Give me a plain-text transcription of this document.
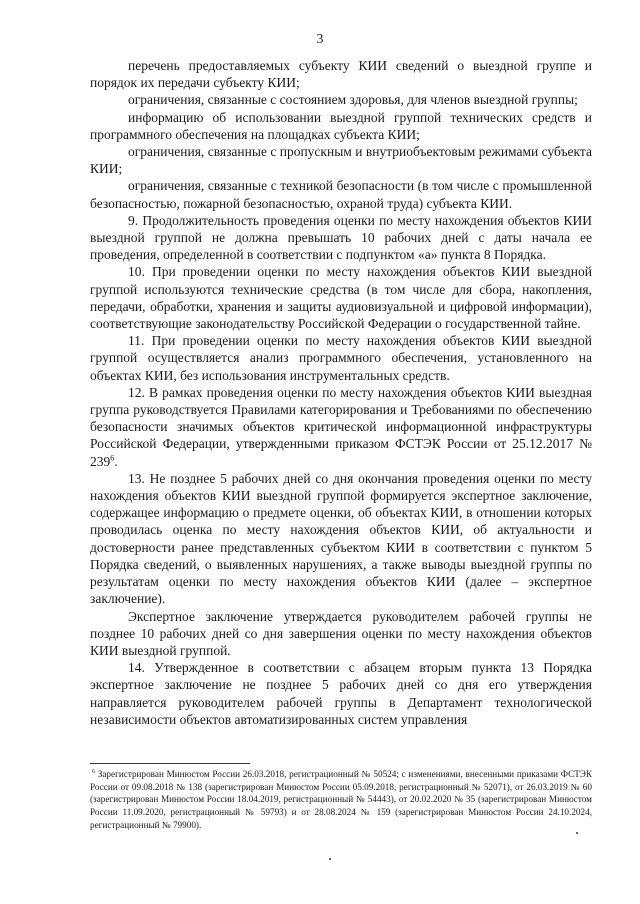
3

перечень предоставляемых субъекту КИИ сведений о выездной группе и порядок их передачи субъекту КИИ;

ограничения, связанные с состоянием здоровья, для членов выездной группы;

информацию об использовании выездной группой технических средств и программного обеспечения на площадках субъекта КИИ;

ограничения, связанные с пропускным и внутриобъектовым режимами субъекта КИИ;

ограничения, связанные с техникой безопасности (в том числе с промышленной безопасностью, пожарной безопасностью, охраной труда) субъекта КИИ.

9. Продолжительность проведения оценки по месту нахождения объектов КИИ выездной группой не должна превышать 10 рабочих дней с даты начала ее проведения, определенной в соответствии с подпунктом «а» пункта 8 Порядка.

10. При проведении оценки по месту нахождения объектов КИИ выездной группой используются технические средства (в том числе для сбора, накопления, передачи, обработки, хранения и защиты аудиовизуальной и цифровой информации), соответствующие законодательству Российской Федерации о государственной тайне.

11. При проведении оценки по месту нахождения объектов КИИ выездной группой осуществляется анализ программного обеспечения, установленного на объектах КИИ, без использования инструментальных средств.

12. В рамках проведения оценки по месту нахождения объектов КИИ выездная группа руководствуется Правилами категорирования и Требованиями по обеспечению безопасности значимых объектов критической информационной инфраструктуры Российской Федерации, утвержденными приказом ФСТЭК России от 25.12.2017 № $239^6$.

13. Не позднее 5 рабочих дней со дня окончания проведения оценки по месту нахождения объектов КИИ выездной группой формируется экспертное заключение, содержащее информацию о предмете оценки, об объектах КИИ, в отношении которых проводилась оценка по месту нахождения объектов КИИ, об актуальности и достоверности ранее представленных субъектом КИИ в соответствии с пунктом 5 Порядка сведений, о выявленных нарушениях, а также выводы выездной группы по результатам оценки по месту нахождения объектов КИИ (далее – экспертное заключение).

Экспертное заключение утверждается руководителем рабочей группы не позднее 10 рабочих дней со дня завершения оценки по месту нахождения объектов КИИ выездной группой.

14. Утвержденное в соответствии с абзацем вторым пункта 13 Порядка экспертное заключение не позднее 5 рабочих дней со дня его утверждения направляется руководителем рабочей группы в Департамент технологической независимости объектов автоматизированных систем управления

$^6$ Зарегистрирован Минюстом России 26.03.2018, регистрационный № 50524; с изменениями, внесенными приказами ФСТЭК России от 09.08.2018 № 138 (зарегистрирован Минюстом России 05.09.2018, регистрационный № 52071), от 26.03.2019 № 60 (зарегистрирован Минюстом России 18.04.2019, регистрационный № 54443), от 20.02.2020 № 35 (зарегистрирован Минюстом России 11.09.2020, регистрационный № 59793) и от 28.08.2024 № 159 (зарегистрирован Минюстом России 24.10.2024, регистрационный № 79900).
